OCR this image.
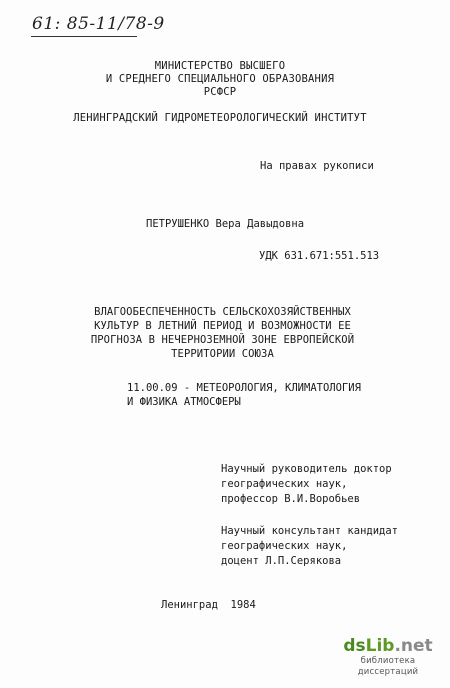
61: 85-11/78-9
МИНИСТЕРСТВО ВЫСШЕГО
И СРЕДНЕГО СПЕЦИАЛЬНОГО ОБРАЗОВАНИЯ
РСФСР
ЛЕНИНГРАДСКИЙ ГИДРОМЕТЕОРОЛОГИЧЕСКИЙ ИНСТИТУТ
На правах рукописи
ПЕТРУШЕНКО Вера Давыдовна
УДК 631.671:551.513
ВЛАГООБЕСПЕЧЕННОСТЬ СЕЛЬСКОХОЗЯЙСТВЕННЫХ
КУЛЬТУР В ЛЕТНИЙ ПЕРИОД И ВОЗМОЖНОСТИ ЕЕ
ПРОГНОЗА В НЕЧЕРНОЗЕМНОЙ ЗОНЕ ЕВРОПЕЙСКОЙ
ТЕРРИТОРИИ СОЮЗА
11.00.09 - МЕТЕОРОЛОГИЯ, КЛИМАТОЛОГИЯ
И ФИЗИКА АТМОСФЕРЫ
Научный руководитель доктор
географических наук,
профессор В.И.Воробьев
Научный консультант кандидат
географических наук,
доцент Л.П.Серякова
Ленинград  1984
dsLib.net
библиотека диссертаций
